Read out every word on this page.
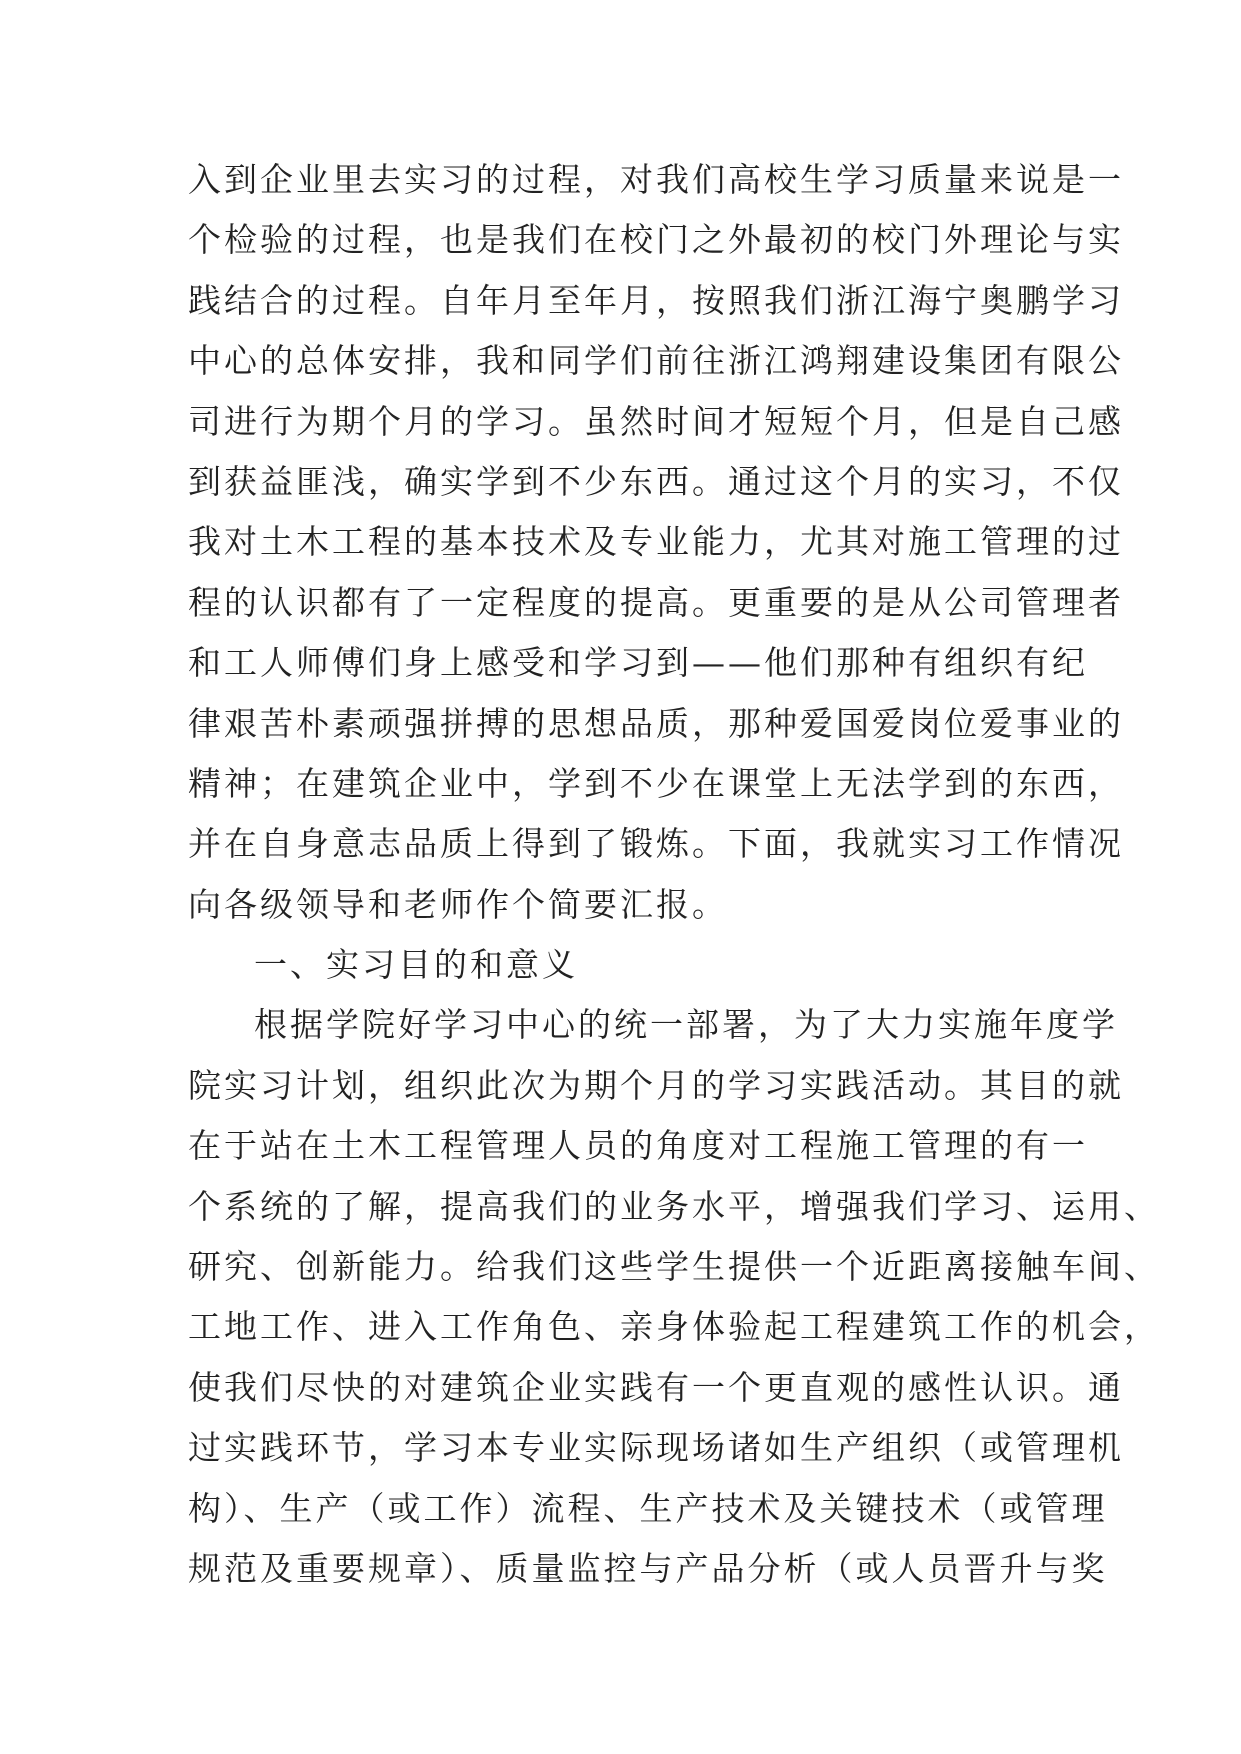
入到企业里去实习的过程，对我们高校生学习质量来说是一
个检验的过程，也是我们在校门之外最初的校门外理论与实
践结合的过程。自年月至年月，按照我们浙江海宁奥鹏学习
中心的总体安排，我和同学们前往浙江鸿翔建设集团有限公
司进行为期个月的学习。虽然时间才短短个月，但是自己感
到获益匪浅，确实学到不少东西。通过这个月的实习，不仅
我对土木工程的基本技术及专业能力，尤其对施工管理的过
程的认识都有了一定程度的提高。更重要的是从公司管理者
和工人师傅们身上感受和学习到——他们那种有组织有纪
律艰苦朴素顽强拼搏的思想品质，那种爱国爱岗位爱事业的
精神；在建筑企业中，学到不少在课堂上无法学到的东西，
并在自身意志品质上得到了锻炼。下面，我就实习工作情况
向各级领导和老师作个简要汇报。
一、实习目的和意义
根据学院好学习中心的统一部署，为了大力实施年度学
院实习计划，组织此次为期个月的学习实践活动。其目的就
在于站在土木工程管理人员的角度对工程施工管理的有一
个系统的了解，提高我们的业务水平，增强我们学习、运用、
研究、创新能力。给我们这些学生提供一个近距离接触车间、
工地工作、进入工作角色、亲身体验起工程建筑工作的机会，
使我们尽快的对建筑企业实践有一个更直观的感性认识。通
过实践环节，学习本专业实际现场诸如生产组织（或管理机
构）、生产（或工作）流程、生产技术及关键技术（或管理
规范及重要规章）、质量监控与产品分析（或人员晋升与奖
